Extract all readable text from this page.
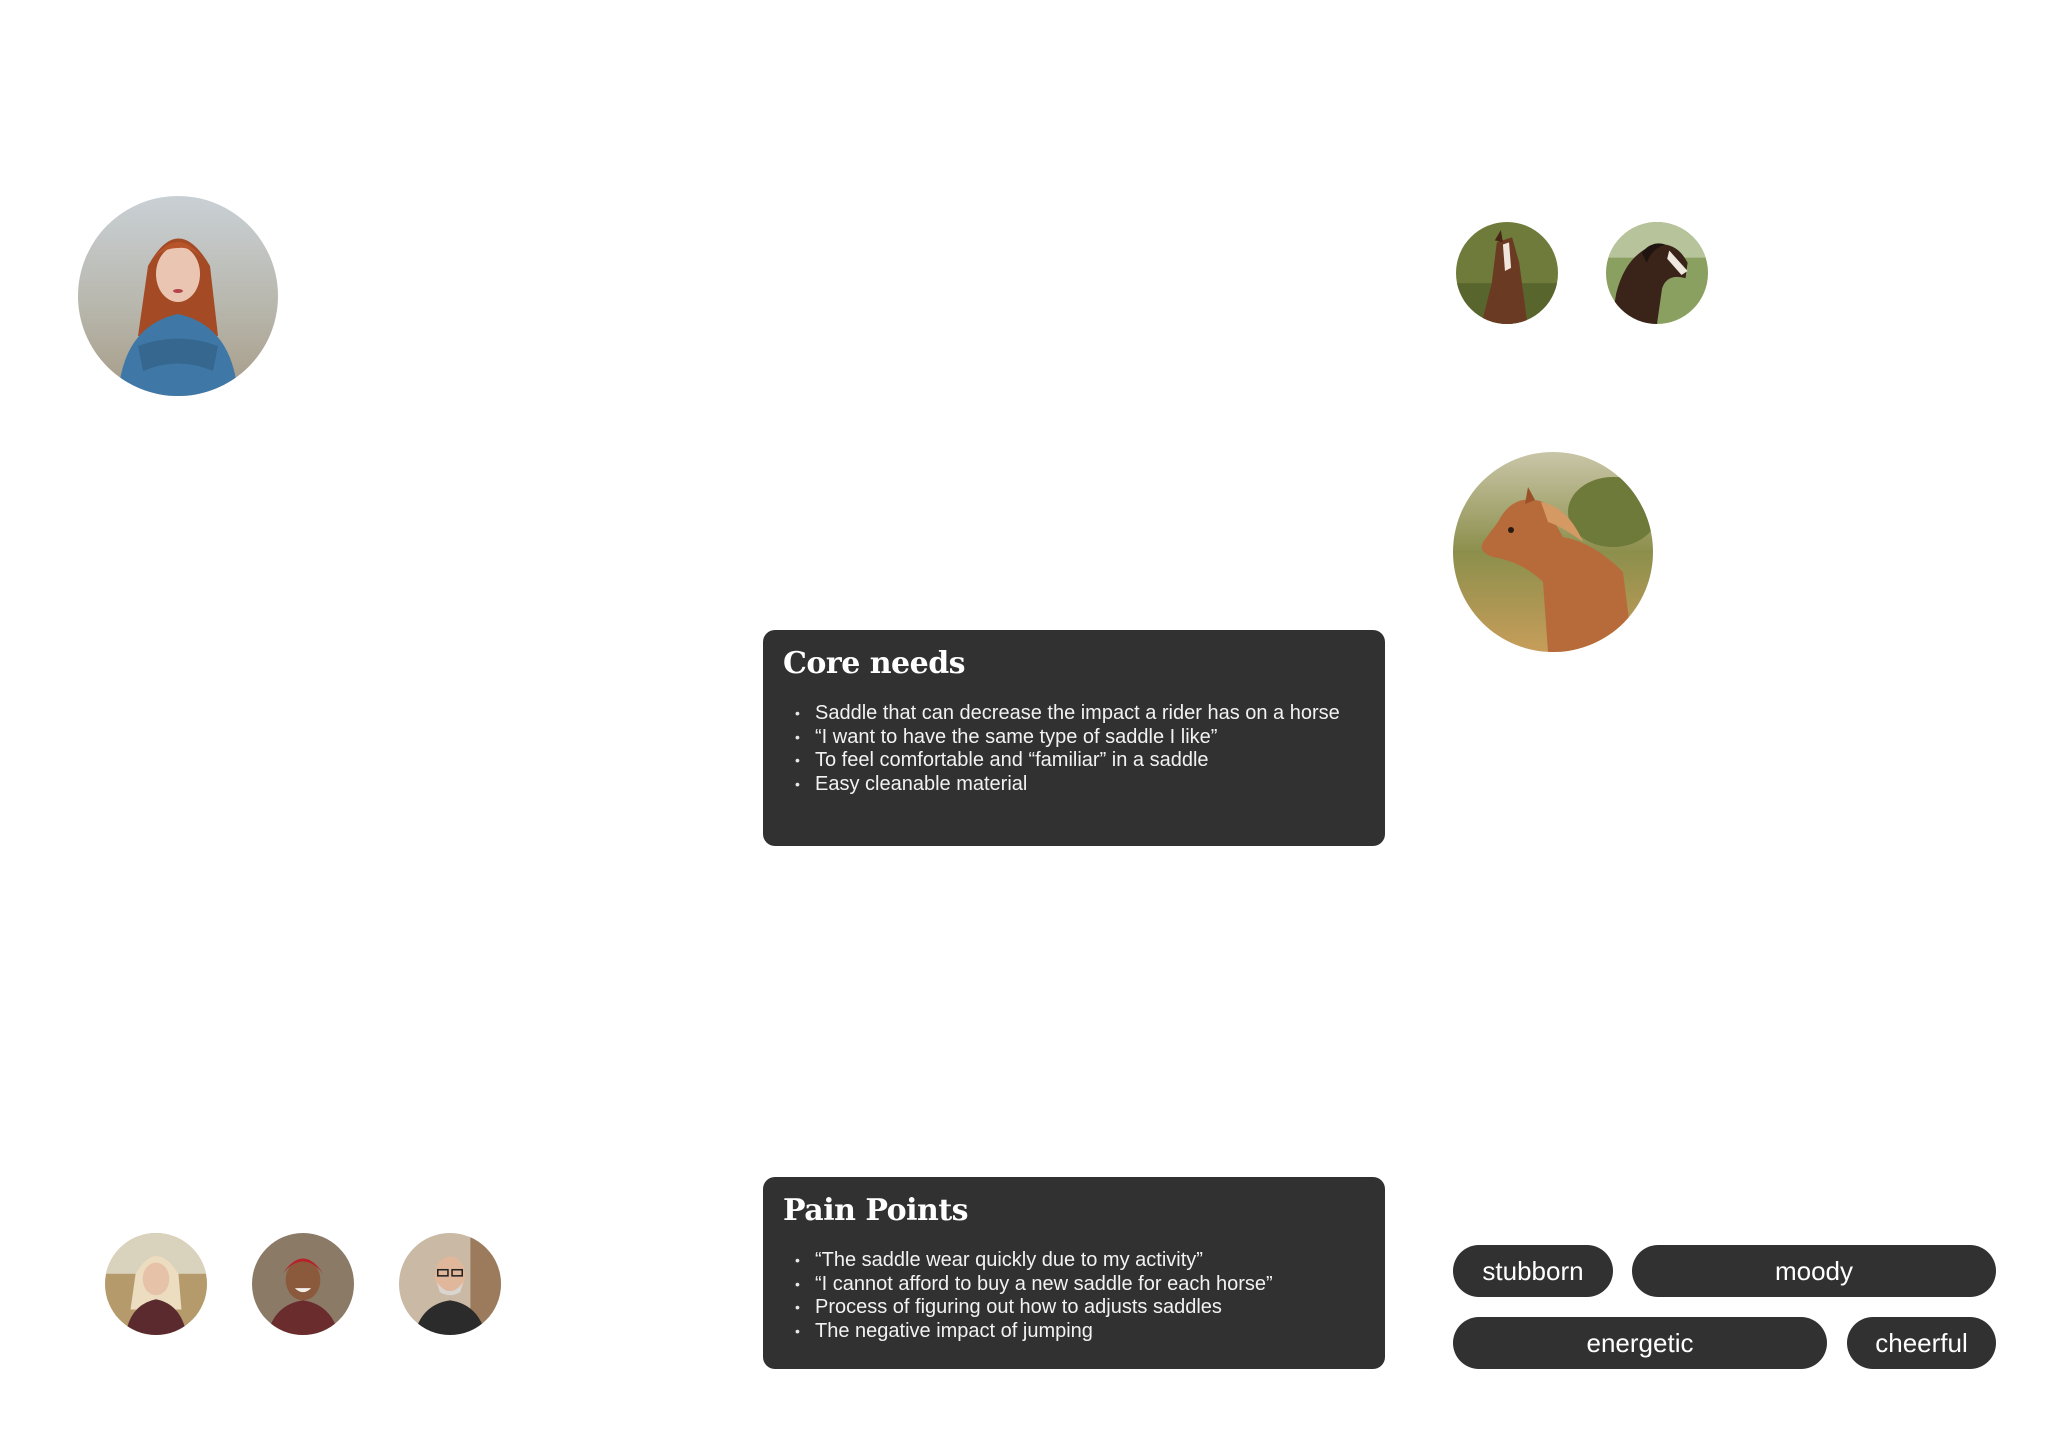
Core needs
• Saddle that can decrease the impact a rider has on a horse
• “I want to have the same type of saddle I like”
• To feel comfortable and “familiar” in a saddle
• Easy cleanable material
Pain Points
• “The saddle wear quickly due to my activity”
• “I cannot afford to buy a new saddle for each horse”
• Process of figuring out how to adjusts saddles
• The negative impact of jumping
stubborn	moody
energetic	cheerful
